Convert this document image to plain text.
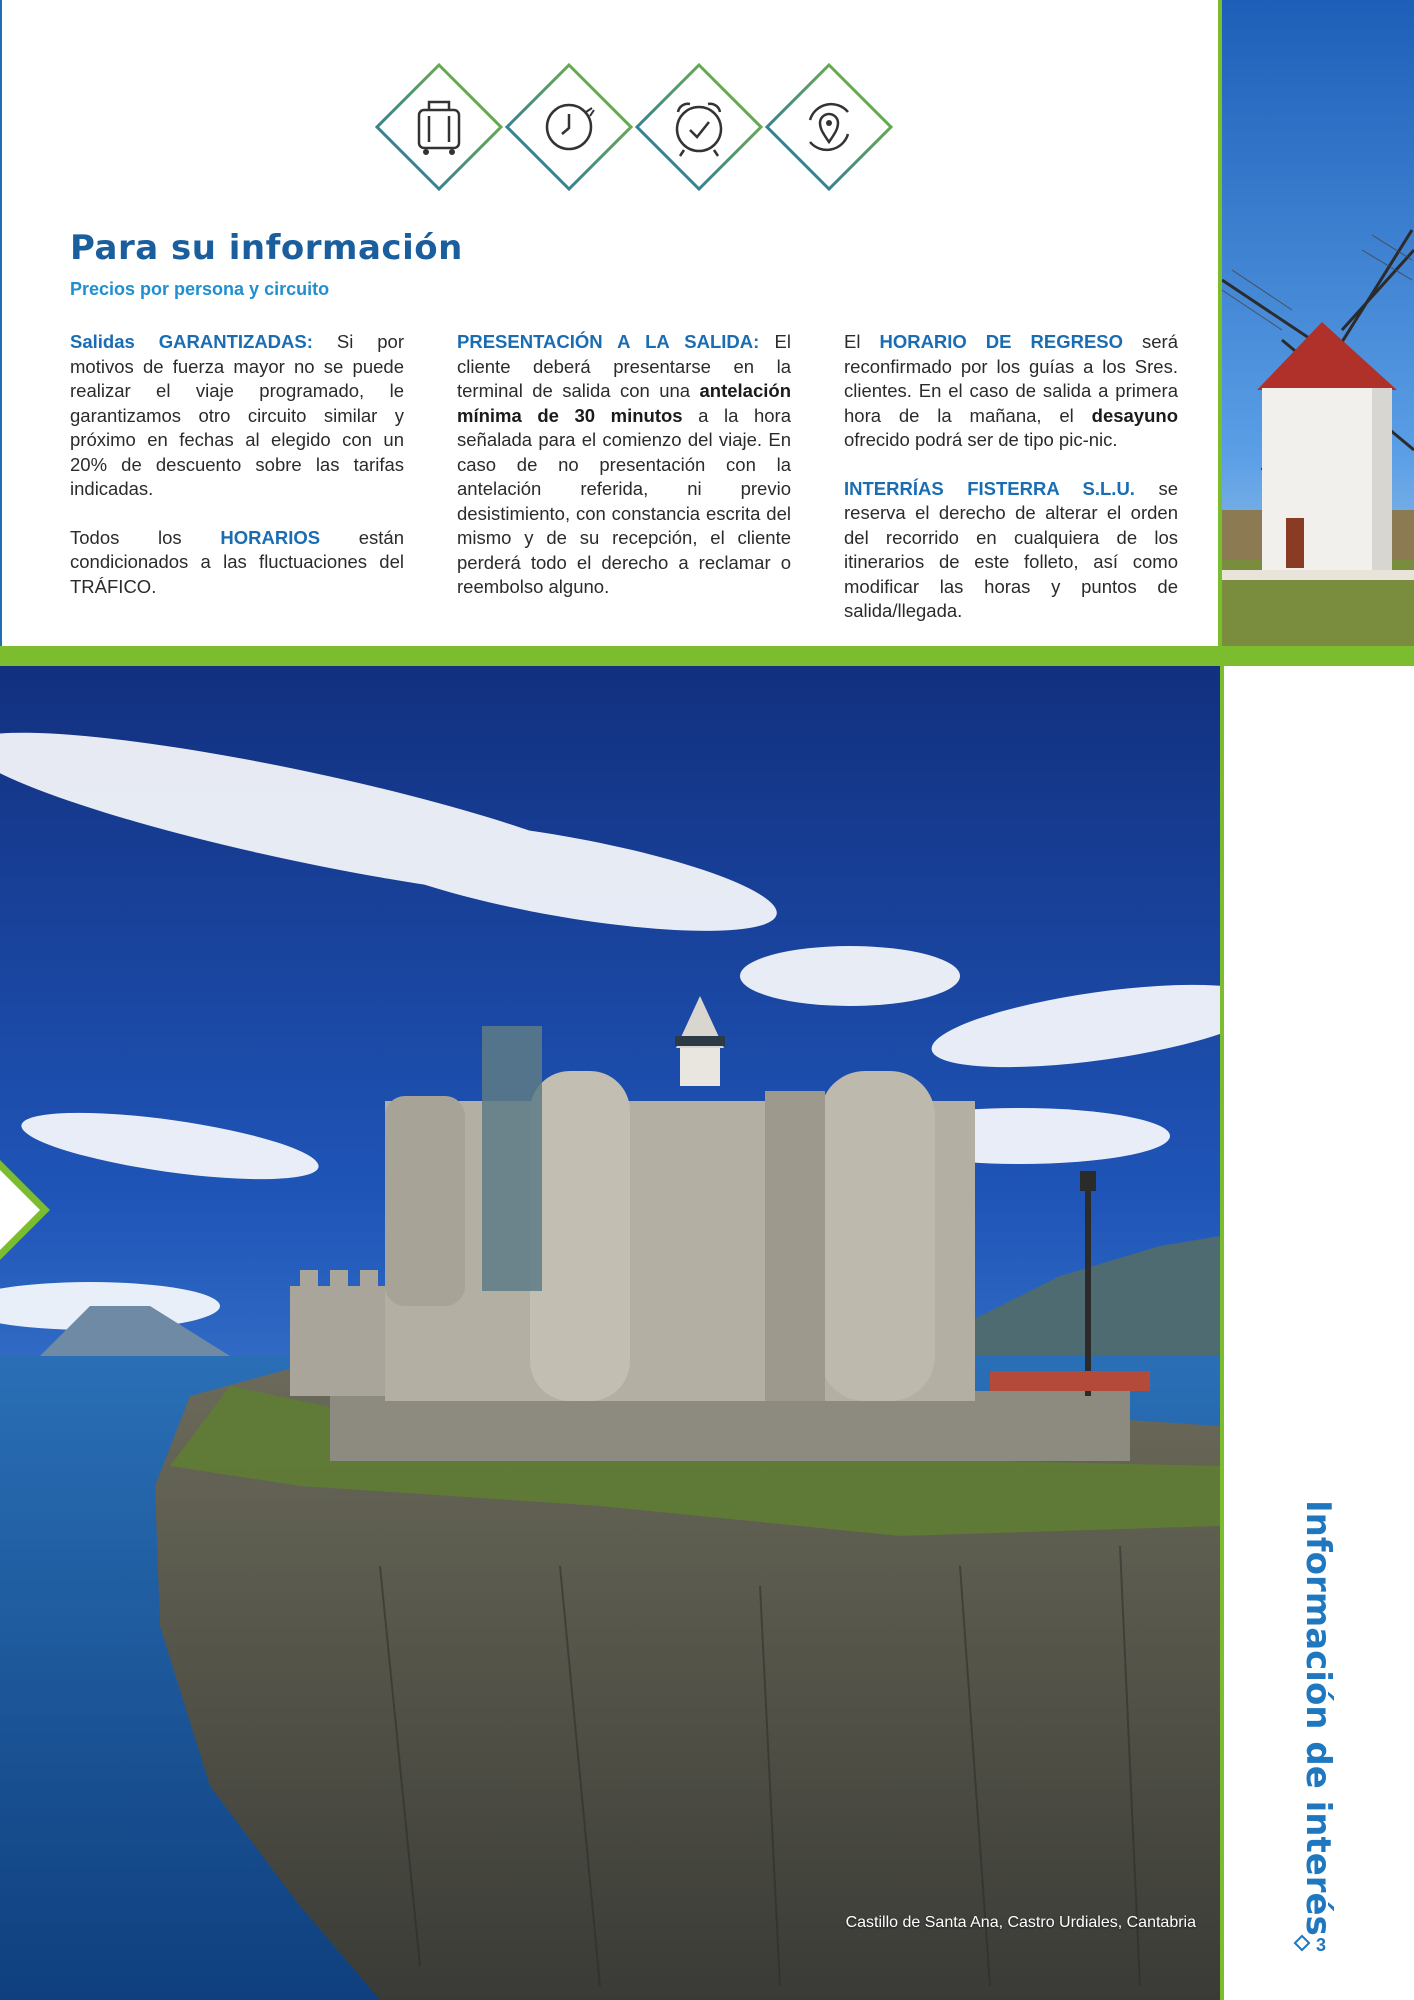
Para su información
Precios por persona y circuito

Salidas GARANTIZADAS: Si por motivos de fuerza mayor no se puede realizar el viaje programado, le garantizamos otro circuito similar y próximo en fechas al elegido con un 20% de descuento sobre las tarifas indicadas.

Todos los HORARIOS están condicionados a las fluctuaciones del TRÁFICO.

PRESENTACIÓN A LA SALIDA: El cliente deberá presentarse en la terminal de salida con una antelación mínima de 30 minutos a la hora señalada para el comienzo del viaje. En caso de no presentación con la antelación referida, ni previo desistimiento, con constancia escrita del mismo y de su recepción, el cliente perderá todo el derecho a reclamar o reembolso alguno.

El HORARIO DE REGRESO será reconfirmado por los guías a los Sres. clientes. En el caso de salida a primera hora de la mañana, el desayuno ofrecido podrá ser de tipo pic-nic.

INTERRÍAS FISTERRA S.L.U. se reserva el derecho de alterar el orden del recorrido en cualquiera de los itinerarios de este folleto, así como modificar las horas y puntos de salida/llegada.

Castillo de Santa Ana, Castro Urdiales, Cantabria	Información de interés
3
